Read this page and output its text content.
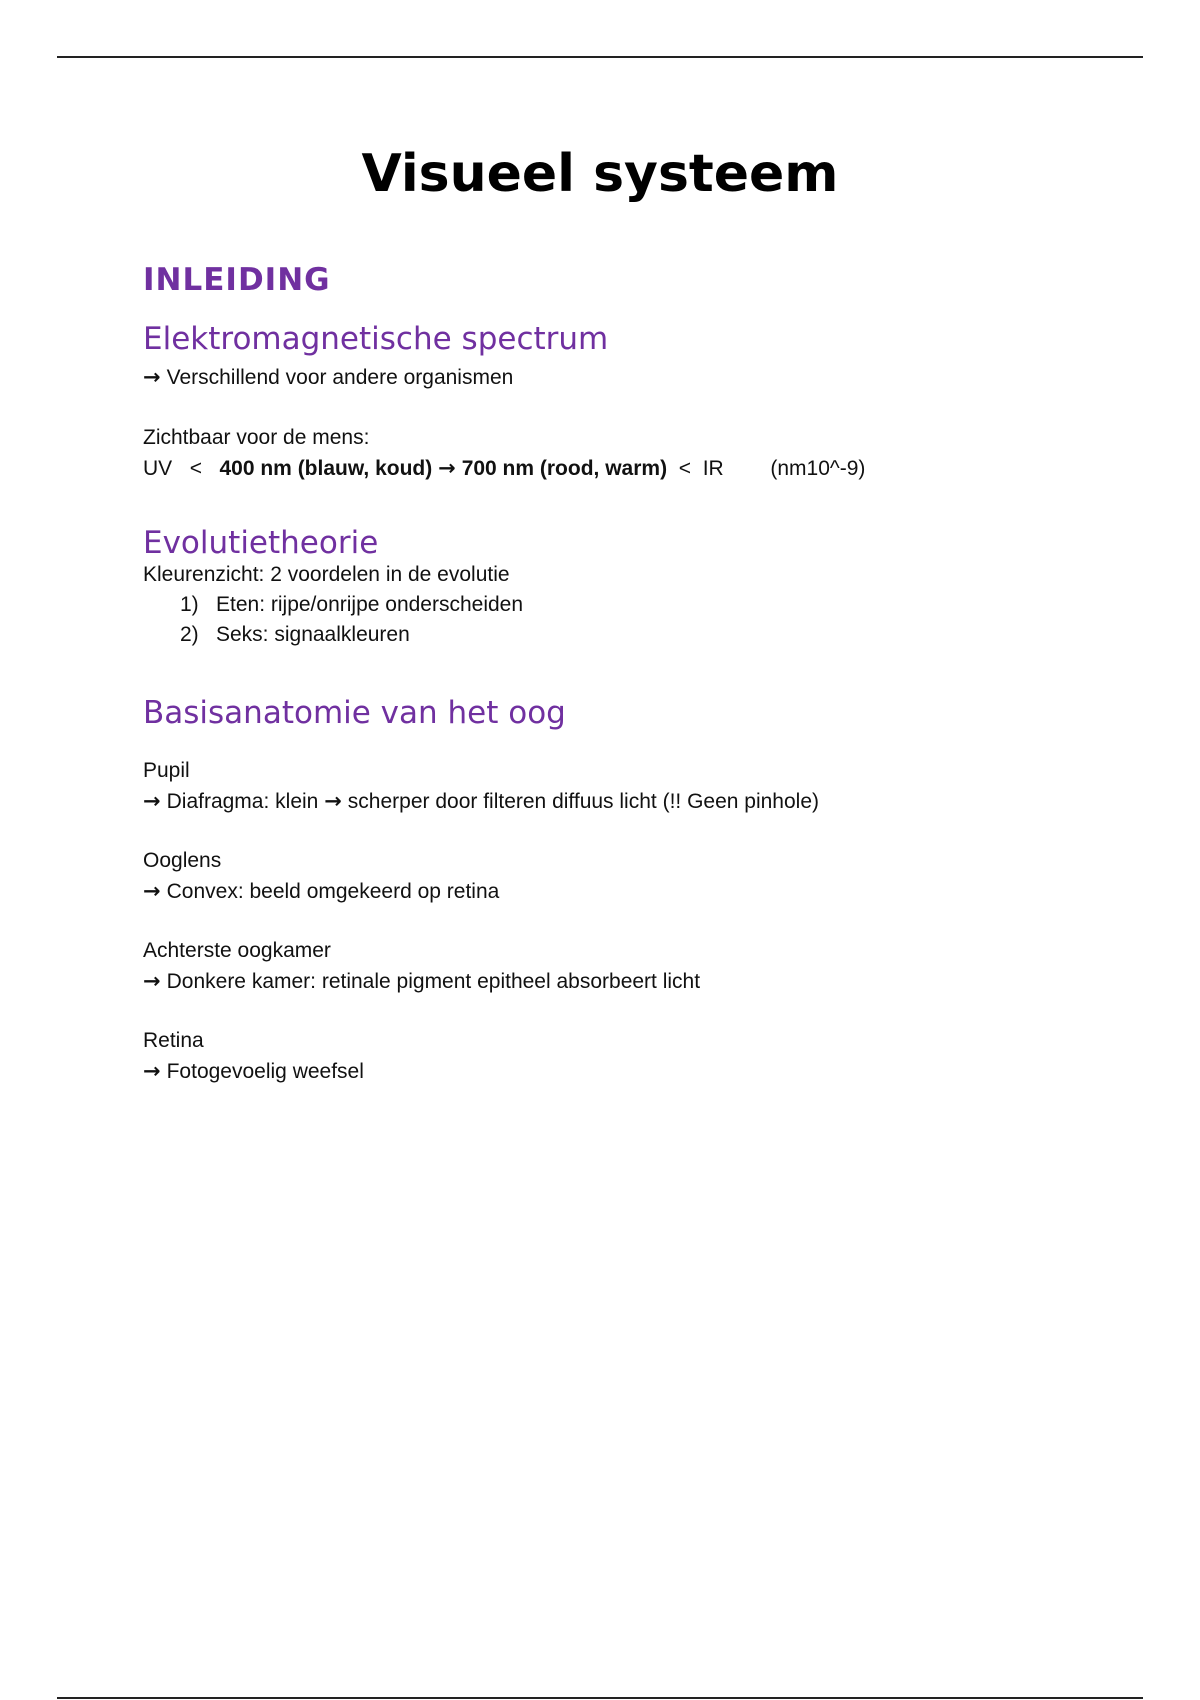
Visueel systeem
INLEIDING
Elektromagnetische spectrum

→ Verschillend voor andere organismen

Zichtbaar voor de mens:

UV < 400 nm (blauw, koud) → 700 nm (rood, warm) < IR (nm10^-9)

Evolutietheorie

Kleurenzicht: 2 voordelen in de evolutie

1) Eten: rijpe/onrijpe onderscheiden
2) Seks: signaalkleuren
Basisanatomie van het oog

Pupil

→ Diafragma: klein → scherper door filteren diffuus licht (!! Geen pinhole)

Ooglens

→ Convex: beeld omgekeerd op retina

Achterste oogkamer

→ Donkere kamer: retinale pigment epitheel absorbeert licht

Retina

→ Fotogevoelig weefsel
